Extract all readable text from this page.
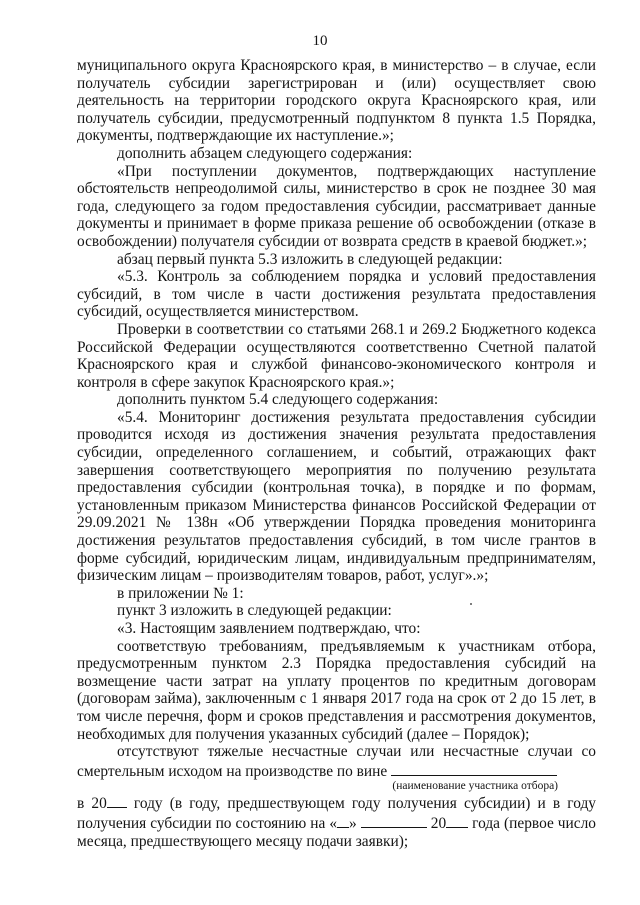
10

муниципального округа Красноярского края, в министерство – в случае, если получатель субсидии зарегистрирован и (или) осуществляет свою деятельность на территории городского округа Красноярского края, или получатель субсидии, предусмотренный подпунктом 8 пункта 1.5 Порядка, документы, подтверждающие их наступление.»;

дополнить абзацем следующего содержания:

«При поступлении документов, подтверждающих наступление обстоятельств непреодолимой силы, министерство в срок не позднее 30 мая года, следующего за годом предоставления субсидии, рассматривает данные документы и принимает в форме приказа решение об освобождении (отказе в освобождении) получателя субсидии от возврата средств в краевой бюджет.»;

абзац первый пункта 5.3 изложить в следующей редакции:

«5.3. Контроль за соблюдением порядка и условий предоставления субсидий, в том числе в части достижения результата предоставления субсидий, осуществляется министерством.

Проверки в соответствии со статьями 268.1 и 269.2 Бюджетного кодекса Российской Федерации осуществляются соответственно Счетной палатой Красноярского края и службой финансово-экономического контроля и контроля в сфере закупок Красноярского края.»;

дополнить пунктом 5.4 следующего содержания:

«5.4. Мониторинг достижения результата предоставления субсидии проводится исходя из достижения значения результата предоставления субсидии, определенного соглашением, и событий, отражающих факт завершения соответствующего мероприятия по получению результата предоставления субсидии (контрольная точка), в порядке и по формам, установленным приказом Министерства финансов Российской Федерации от 29.09.2021 № 138н «Об утверждении Порядка проведения мониторинга достижения результатов предоставления субсидий, в том числе грантов в форме субсидий, юридическим лицам, индивидуальным предпринимателям, физическим лицам – производителям товаров, работ, услуг».»;

в приложении № 1:

пункт 3 изложить в следующей редакции:

«3. Настоящим заявлением подтверждаю, что:

соответствую требованиям, предъявляемым к участникам отбора, предусмотренным пунктом 2.3 Порядка предоставления субсидий на возмещение части затрат на уплату процентов по кредитным договорам (договорам займа), заключенным с 1 января 2017 года на срок от 2 до 15 лет, в том числе перечня, форм и сроков представления и рассмотрения документов, необходимых для получения указанных субсидий (далее – Порядок);

отсутствуют тяжелые несчастные случаи или несчастные случаи со смертельным исходом на производстве по вине

(наименование участника отбора)

в 20 году (в году, предшествующем году получения субсидии) и в году получения субсидии по состоянию на « »	20 года (первое число месяца, предшествующего месяцу подачи заявки);
